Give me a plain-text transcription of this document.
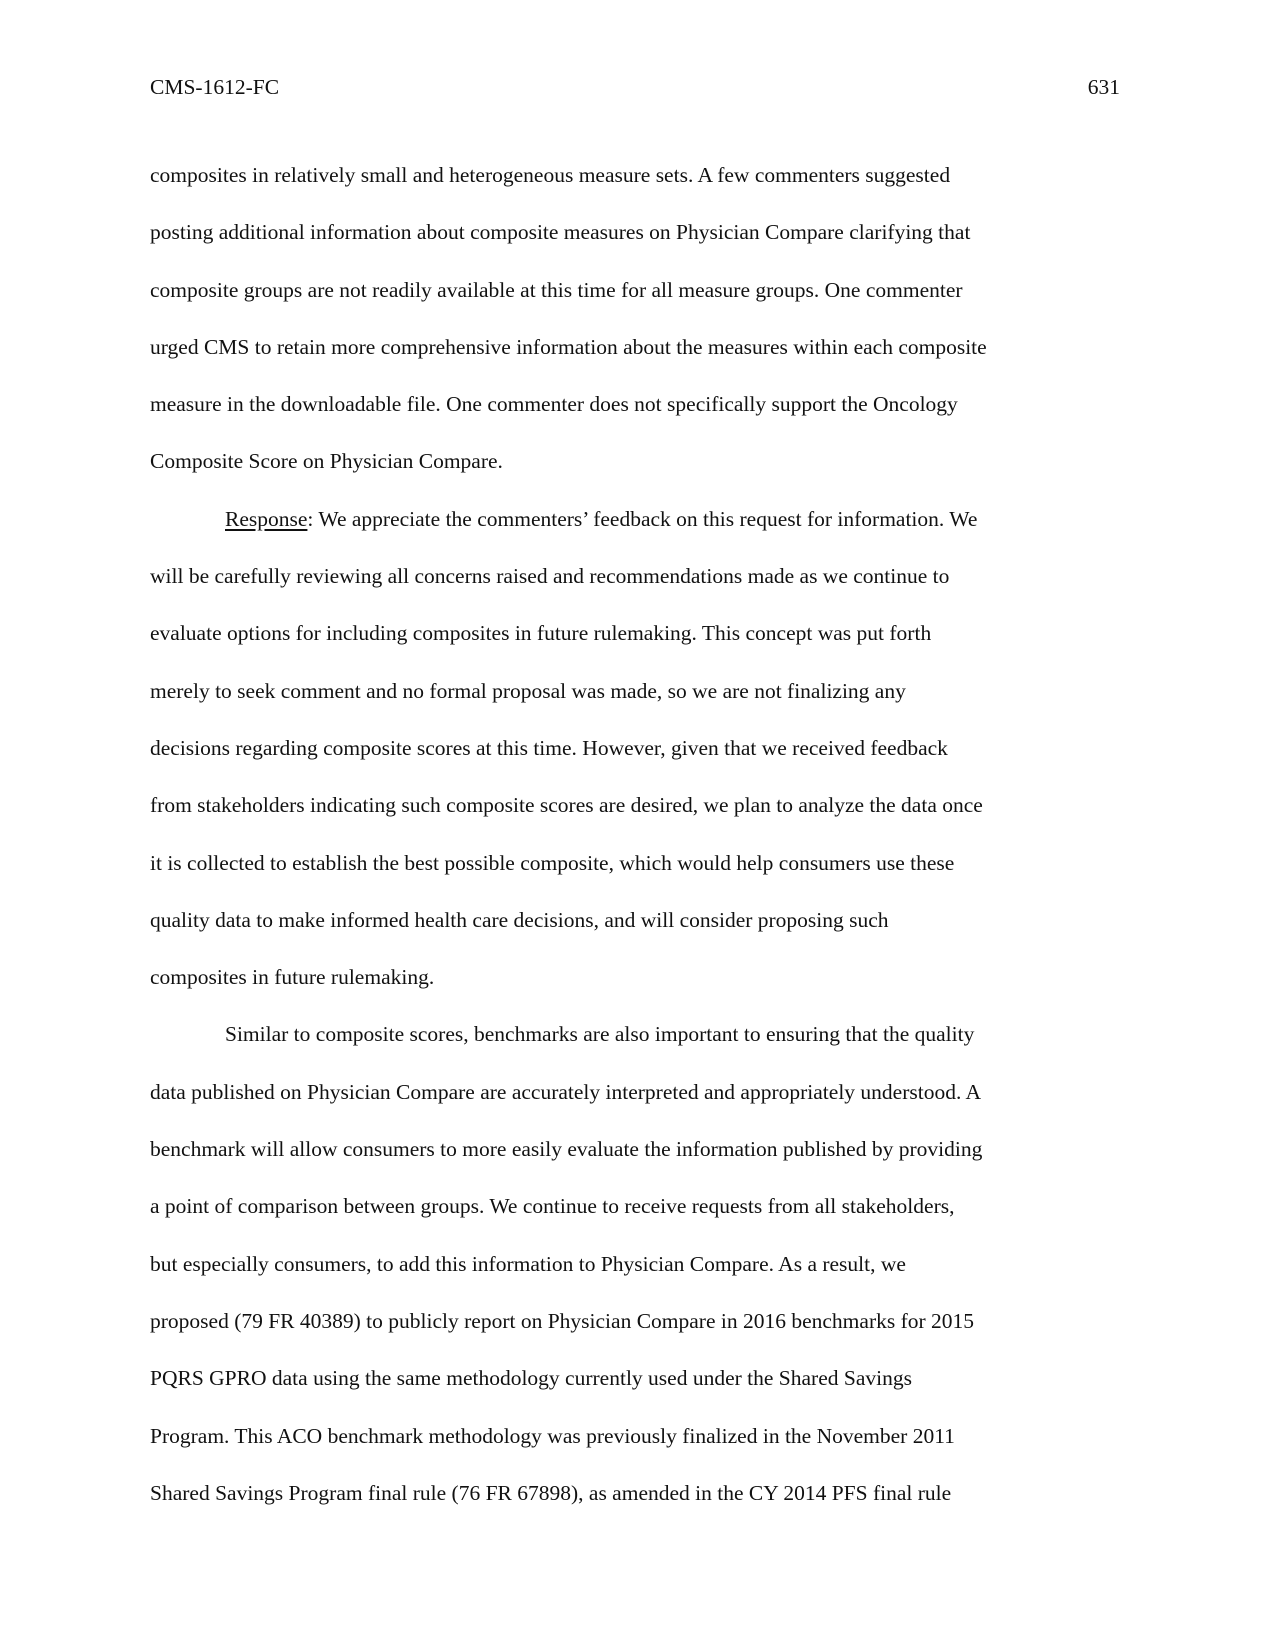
CMS-1612-FC	631
composites in relatively small and heterogeneous measure sets. A few commenters suggested
posting additional information about composite measures on Physician Compare clarifying that
composite groups are not readily available at this time for all measure groups. One commenter
urged CMS to retain more comprehensive information about the measures within each composite
measure in the downloadable file. One commenter does not specifically support the Oncology
Composite Score on Physician Compare.
Response: We appreciate the commenters’ feedback on this request for information. We
will be carefully reviewing all concerns raised and recommendations made as we continue to
evaluate options for including composites in future rulemaking. This concept was put forth
merely to seek comment and no formal proposal was made, so we are not finalizing any
decisions regarding composite scores at this time. However, given that we received feedback
from stakeholders indicating such composite scores are desired, we plan to analyze the data once
it is collected to establish the best possible composite, which would help consumers use these
quality data to make informed health care decisions, and will consider proposing such
composites in future rulemaking.
Similar to composite scores, benchmarks are also important to ensuring that the quality
data published on Physician Compare are accurately interpreted and appropriately understood. A
benchmark will allow consumers to more easily evaluate the information published by providing
a point of comparison between groups. We continue to receive requests from all stakeholders,
but especially consumers, to add this information to Physician Compare. As a result, we
proposed (79 FR 40389) to publicly report on Physician Compare in 2016 benchmarks for 2015
PQRS GPRO data using the same methodology currently used under the Shared Savings
Program. This ACO benchmark methodology was previously finalized in the November 2011
Shared Savings Program final rule (76 FR 67898), as amended in the CY 2014 PFS final rule
